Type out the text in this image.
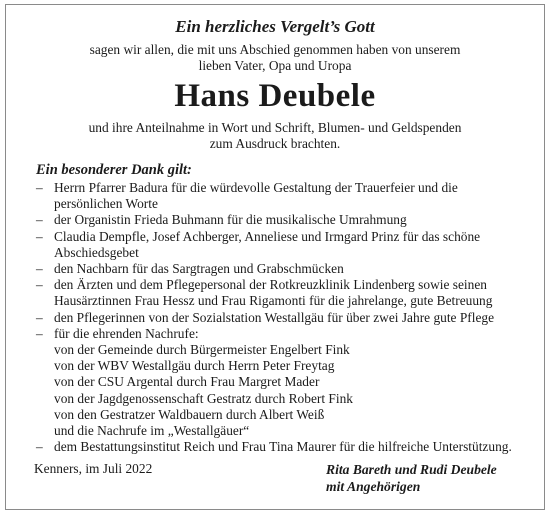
Ein herzliches Vergelt’s Gott

sagen wir allen, die mit uns Abschied genommen haben von unserem
lieben Vater, Opa und Uropa

Hans Deubele

und ihre Anteilnahme in Wort und Schrift, Blumen- und Geldspenden
zum Ausdruck brachten.

Ein besonderer Dank gilt:

– Herrn Pfarrer Badura für die würdevolle Gestaltung der Trauerfeier und die persönlichen Worte
– der Organistin Frieda Buhmann für die musikalische Umrahmung
– Claudia Dempfle, Josef Achberger, Anneliese und Irmgard Prinz für das schöne Abschiedsgebet
– den Nachbarn für das Sargtragen und Grabschmücken
– den Ärzten und dem Pflegepersonal der Rotkreuzklinik Lindenberg sowie seinen Hausärztinnen Frau Hessz und Frau Rigamonti für die jahrelange, gute Betreuung
– den Pflegerinnen von der Sozialstation Westallgäu für über zwei Jahre gute Pflege
– für die ehrenden Nachrufe:
von der Gemeinde durch Bürgermeister Engelbert Fink
von der WBV Westallgäu durch Herrn Peter Freytag
von der CSU Argental durch Frau Margret Mader
von der Jagdgenossenschaft Gestratz durch Robert Fink
von den Gestratzer Waldbauern durch Albert Weiß
und die Nachrufe im „Westallgäuer“
– dem Bestattungsinstitut Reich und Frau Tina Maurer für die hilfreiche Unterstützung.
Kenners, im Juli 2022	Rita Bareth und Rudi Deubele
mit Angehörigen
